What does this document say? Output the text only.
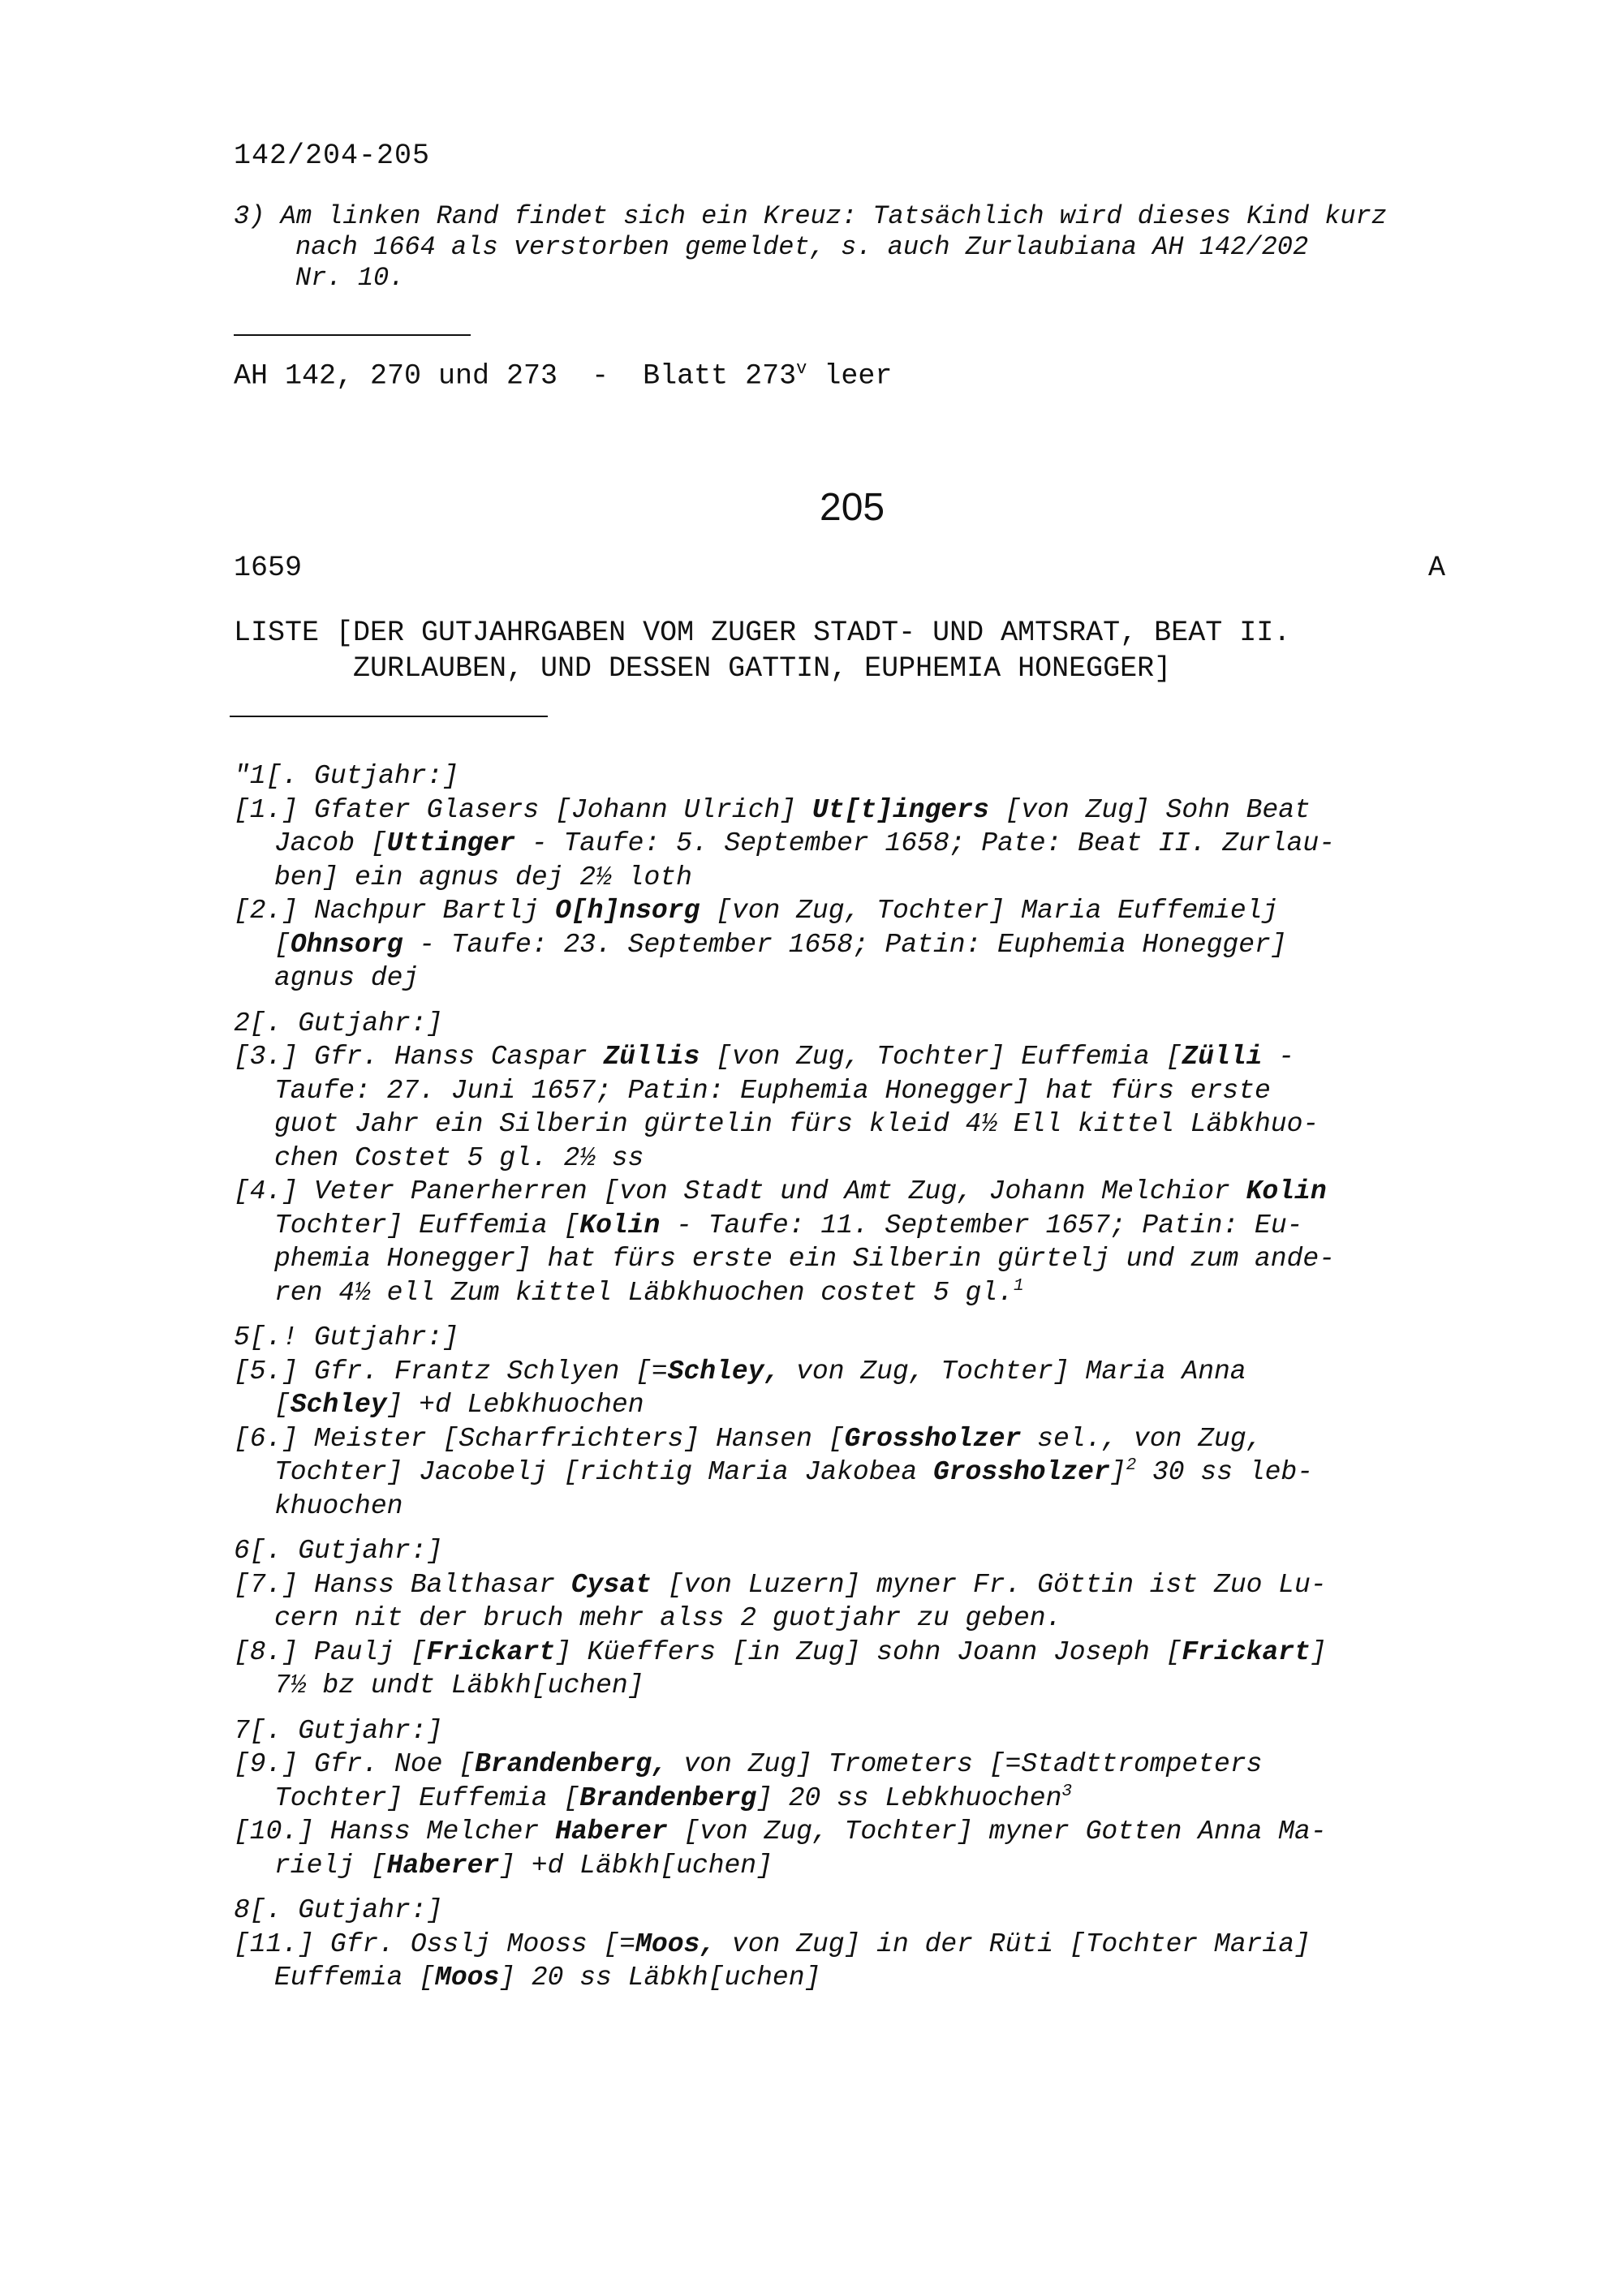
142/204-205
3) Am linken Rand findet sich ein Kreuz: Tatsächlich wird dieses Kind kurz
nach 1664 als verstorben gemeldet, s. auch Zurlaubiana AH 142/202
Nr. 10.
AH 142, 270 und 273  -  Blatt 273$^v$ leer
205
1659	A
LISTE [DER GUTJAHRGABEN VOM ZUGER STADT- UND AMTSRAT, BEAT II.
ZURLAUBEN, UND DESSEN GATTIN, EUPHEMIA HONEGGER]
"1[. Gutjahr:]
[1.] Gfater Glasers [Johann Ulrich] Ut[t]ingers [von Zug] Sohn Beat
Jacob [Uttinger - Taufe: 5. September 1658; Pate: Beat II. Zurlau-
ben] ein agnus dej 2½ loth
[2.] Nachpur Bartlj O[h]nsorg [von Zug, Tochter] Maria Euffemielj
[Ohnsorg - Taufe: 23. September 1658; Patin: Euphemia Honegger]
agnus dej
2[. Gutjahr:]
[3.] Gfr. Hanss Caspar Züllis [von Zug, Tochter] Euffemia [Zülli -
Taufe: 27. Juni 1657; Patin: Euphemia Honegger] hat fürs erste
guot Jahr ein Silberin gürtelin fürs kleid 4½ Ell kittel Läbkhuo-
chen Costet 5 gl. 2½ ss
[4.] Veter Panerherren [von Stadt und Amt Zug, Johann Melchior Kolin
Tochter] Euffemia [Kolin - Taufe: 11. September 1657; Patin: Eu-
phemia Honegger] hat fürs erste ein Silberin gürtelj und zum ande-
ren 4½ ell Zum kittel Läbkhuochen costet 5 gl.$^1$
5[.! Gutjahr:]
[5.] Gfr. Frantz Schlyen [=Schley, von Zug, Tochter] Maria Anna
[Schley] +d Lebkhuochen
[6.] Meister [Scharfrichters] Hansen [Grossholzer sel., von Zug,
Tochter] Jacobelj [richtig Maria Jakobea Grossholzer]$^2$ 30 ss leb-
khuochen
6[. Gutjahr:]
[7.] Hanss Balthasar Cysat [von Luzern] myner Fr. Göttin ist Zuo Lu-
cern nit der bruch mehr alss 2 guotjahr zu geben.
[8.] Paulj [Frickart] Küeffers [in Zug] sohn Joann Joseph [Frickart]
7½ bz undt Läbkh[uchen]
7[. Gutjahr:]
[9.] Gfr. Noe [Brandenberg, von Zug] Trometers [=Stadttrompeters
Tochter] Euffemia [Brandenberg] 20 ss Lebkhuochen$^3$
[10.] Hanss Melcher Haberer [von Zug, Tochter] myner Gotten Anna Ma-
rielj [Haberer] +d Läbkh[uchen]
8[. Gutjahr:]
[11.] Gfr. Osslj Mooss [=Moos, von Zug] in der Rüti [Tochter Maria]
Euffemia [Moos] 20 ss Läbkh[uchen]
